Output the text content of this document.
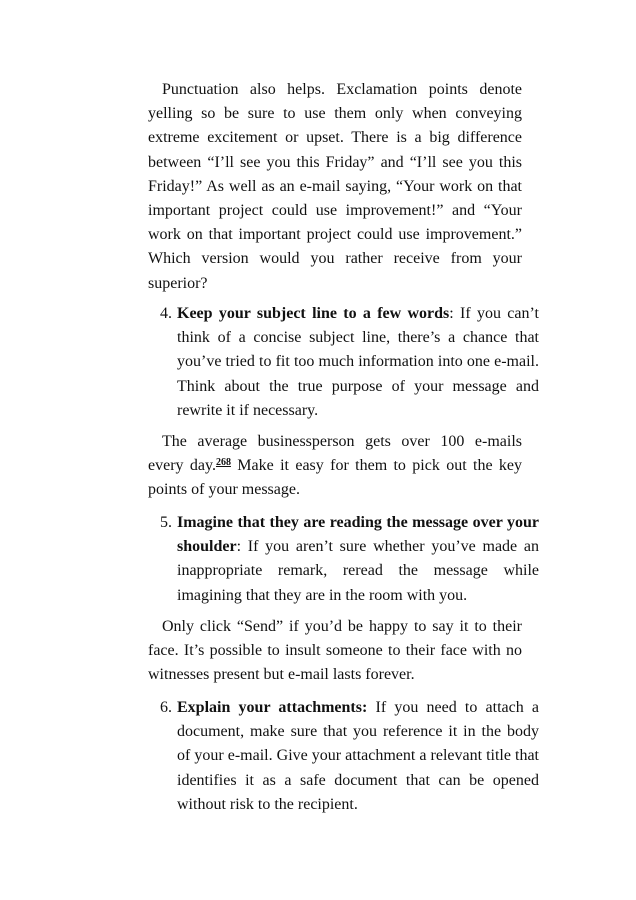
Punctuation also helps. Exclamation points denote yelling so be sure to use them only when conveying extreme excitement or upset. There is a big difference between “I’ll see you this Friday” and “I’ll see you this Friday!” As well as an e-mail saying, “Your work on that important project could use improvement!” and “Your work on that important project could use improvement.” Which version would you rather receive from your superior?

4. Keep your subject line to a few words: If you can’t think of a concise subject line, there’s a chance that you’ve tried to fit too much information into one e-mail. Think about the true purpose of your message and rewrite it if necessary.

The average businessperson gets over 100 e-mails every day.$^{268}$ Make it easy for them to pick out the key points of your message.

5. Imagine that they are reading the message over your shoulder: If you aren’t sure whether you’ve made an inappropriate remark, reread the message while imagining that they are in the room with you.

Only click “Send” if you’d be happy to say it to their face. It’s possible to insult someone to their face with no witnesses present but e-mail lasts forever.

6. Explain your attachments: If you need to attach a document, make sure that you reference it in the body of your e-mail. Give your attachment a relevant title that identifies it as a safe document that can be opened without risk to the recipient.
